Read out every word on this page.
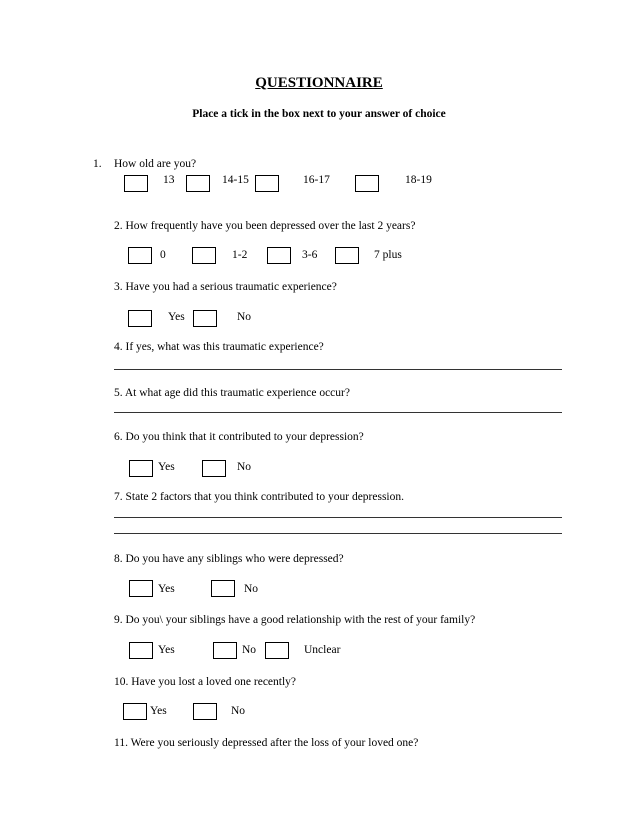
QUESTIONNAIRE
Place a tick in the box next to your answer of choice
1. How old are you?
13	14-15	16-17	18-19
2. How frequently have you been depressed over the last 2 years?
0	1-2	3-6	7 plus
3. Have you had a serious traumatic experience?
Yes	No
4. If yes, what was this traumatic experience?
5. At what age did this traumatic experience occur?
6. Do you think that it contributed to your depression?
Yes	No
7. State 2 factors that you think contributed to your depression.
8. Do you have any siblings who were depressed?
Yes	No
9. Do you\ your siblings have a good relationship with the rest of your family?
Yes	No	Unclear
10. Have you lost a loved one recently?
Yes	No
11. Were you seriously depressed after the loss of your loved one?
